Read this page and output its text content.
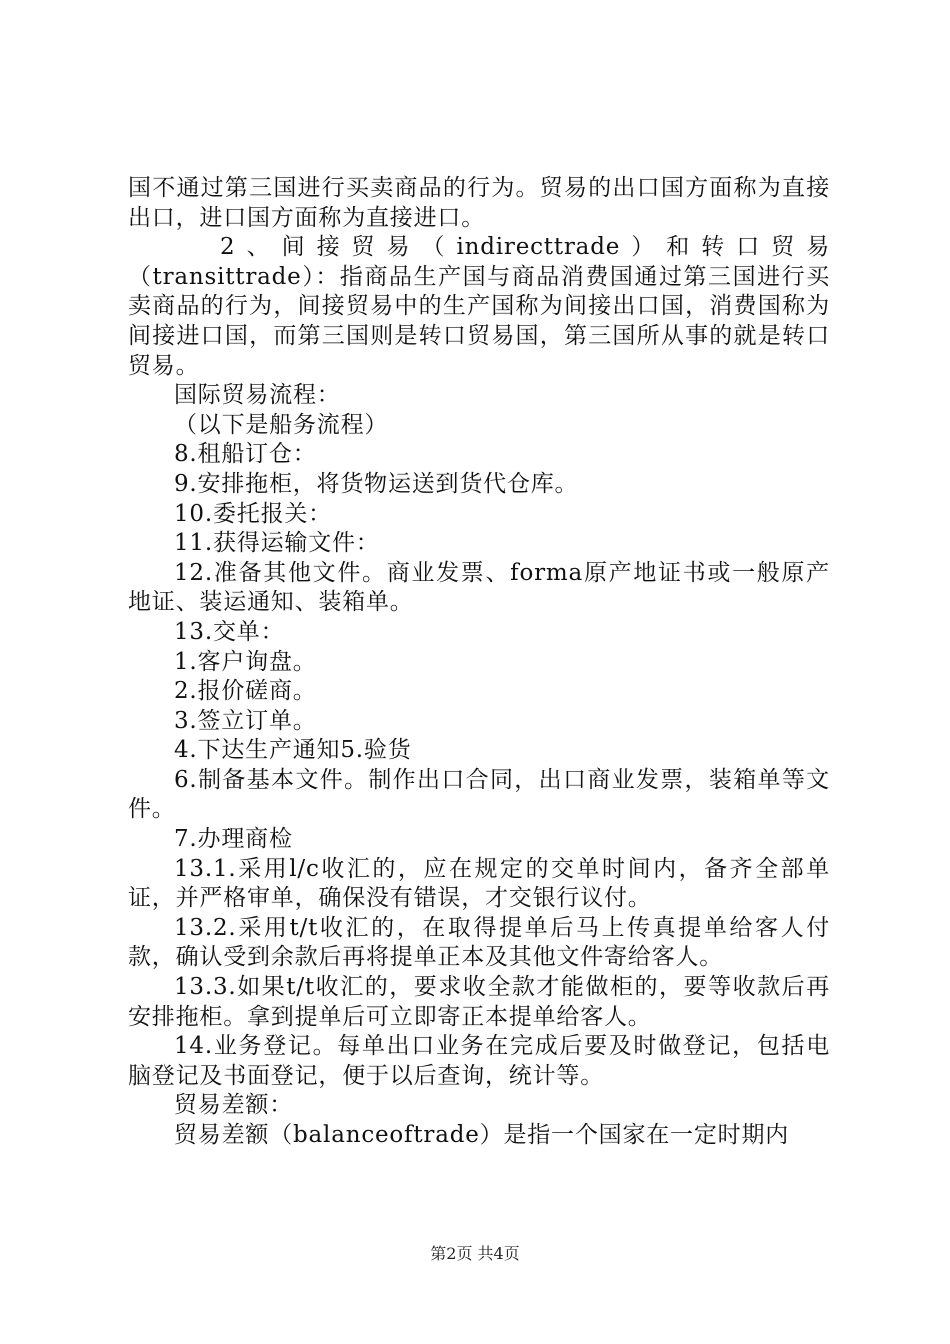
国不通过第三国进行买卖商品的行为。贸易的出口国方面称为直接出口，进口国方面称为直接进口。

2、间接贸易（indirecttrade）和转口贸易（transittrade）：指商品生产国与商品消费国通过第三国进行买卖商品的行为，间接贸易中的生产国称为间接出口国，消费国称为间接进口国，而第三国则是转口贸易国，第三国所从事的就是转口贸易。

国际贸易流程：

（以下是船务流程）

8.租船订仓：

9.安排拖柜，将货物运送到货代仓库。

10.委托报关：

11.获得运输文件：

12.准备其他文件。商业发票、forma原产地证书或一般原产地证、装运通知、装箱单。

13.交单：

1.客户询盘。

2.报价磋商。

3.签立订单。

4.下达生产通知5.验货

6.制备基本文件。制作出口合同，出口商业发票，装箱单等文件。

7.办理商检

13.1.采用l/c收汇的，应在规定的交单时间内，备齐全部单证，并严格审单，确保没有错误，才交银行议付。

13.2.采用t/t收汇的，在取得提单后马上传真提单给客人付款，确认受到余款后再将提单正本及其他文件寄给客人。

13.3.如果t/t收汇的，要求收全款才能做柜的，要等收款后再安排拖柜。拿到提单后可立即寄正本提单给客人。

14.业务登记。每单出口业务在完成后要及时做登记，包括电脑登记及书面登记，便于以后查询，统计等。

贸易差额：

贸易差额（balanceoftrade）是指一个国家在一定时期内

第2页 共4页
